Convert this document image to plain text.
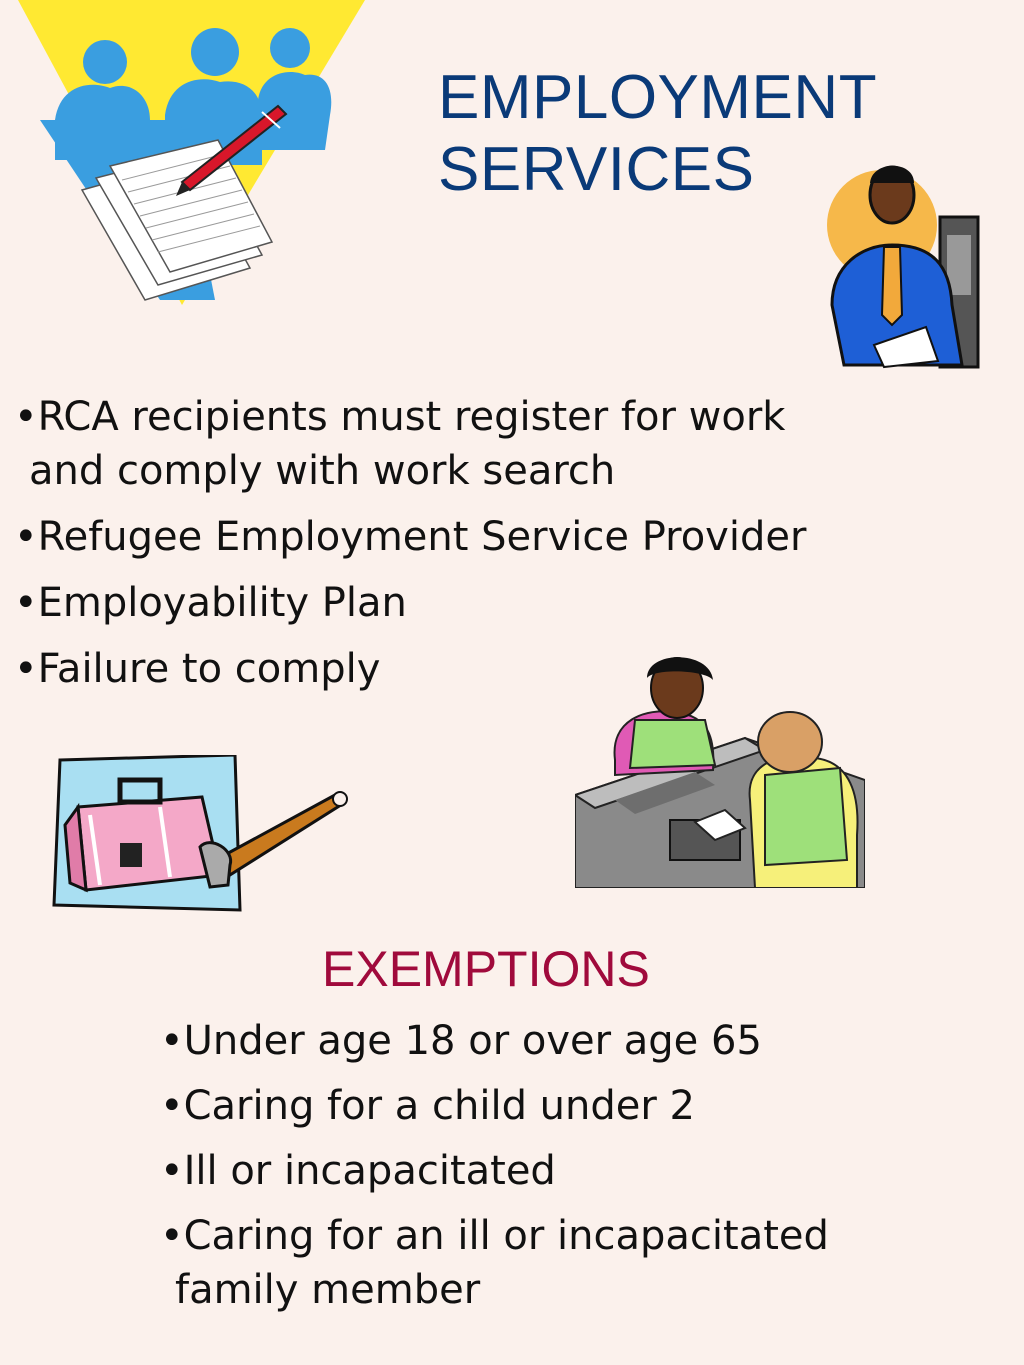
EMPLOYMENT
SERVICES
•RCA recipients must register for work
and comply with work search
•Refugee Employment Service Provider
•Employability Plan
•Failure to comply
EXEMPTIONS
•Under age 18 or over age 65
•Caring for a child under 2
•Ill or incapacitated
•Caring for an ill or incapacitated
family member
